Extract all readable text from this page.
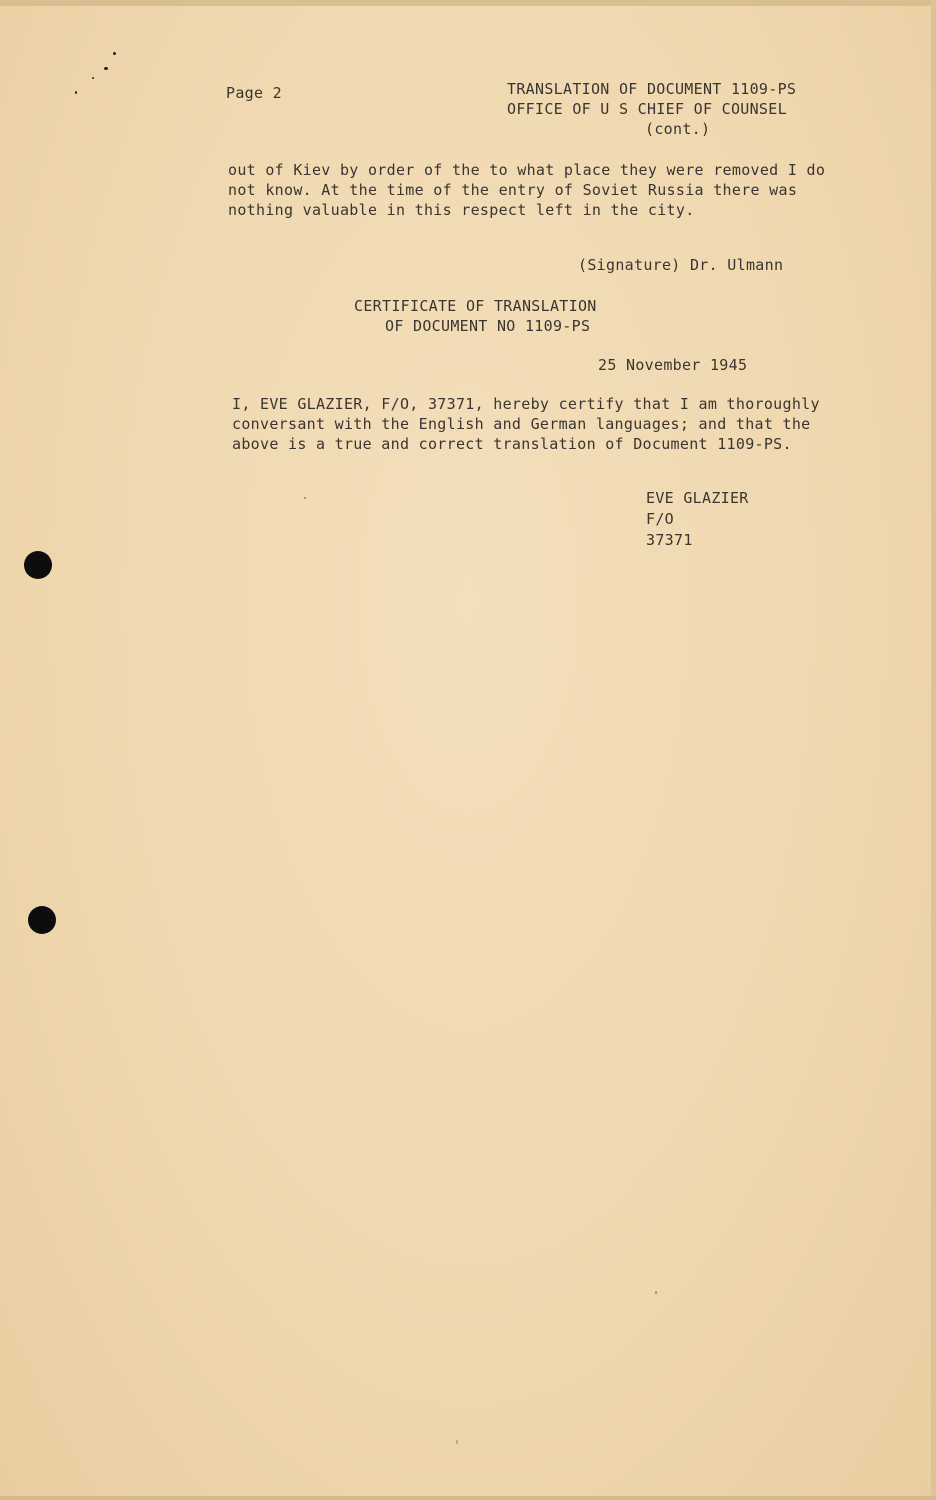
Page 2	TRANSLATION OF DOCUMENT 1109-PS
OFFICE OF U S CHIEF OF COUNSEL
(cont.)
out of Kiev by order of the to what place they were removed I do
not know. At the time of the entry of Soviet Russia there was
nothing valuable in this respect left in the city.
(Signature) Dr. Ulmann
CERTIFICATE OF TRANSLATION
OF DOCUMENT NO 1109-PS
25 November 1945
I, EVE GLAZIER, F/O, 37371, hereby certify that I am thoroughly
conversant with the English and German languages; and that the
above is a true and correct translation of Document 1109-PS.
EVE GLAZIER
F/O
37371
